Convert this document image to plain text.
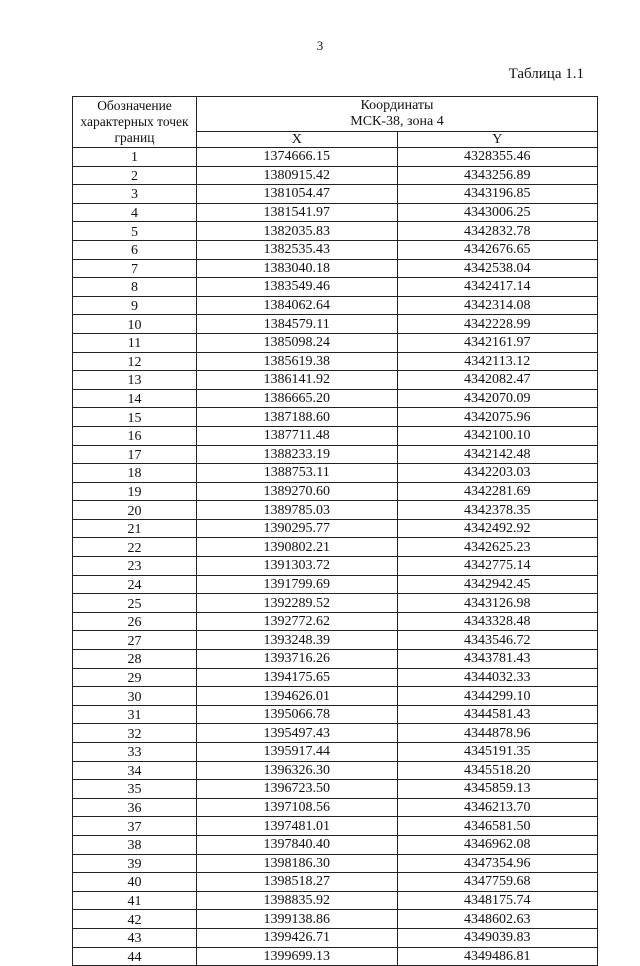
3
Таблица 1.1
Обозначение характерных точек границ	Координаты
МСК-38, зона 4	

	X	Y
1	1374666.15	4328355.46
2	1380915.42	4343256.89
3	1381054.47	4343196.85
4	1381541.97	4343006.25
5	1382035.83	4342832.78
6	1382535.43	4342676.65
7	1383040.18	4342538.04
8	1383549.46	4342417.14
9	1384062.64	4342314.08
10	1384579.11	4342228.99
11	1385098.24	4342161.97
12	1385619.38	4342113.12
13	1386141.92	4342082.47
14	1386665.20	4342070.09
15	1387188.60	4342075.96
16	1387711.48	4342100.10
17	1388233.19	4342142.48
18	1388753.11	4342203.03
19	1389270.60	4342281.69
20	1389785.03	4342378.35
21	1390295.77	4342492.92
22	1390802.21	4342625.23
23	1391303.72	4342775.14
24	1391799.69	4342942.45
25	1392289.52	4343126.98
26	1392772.62	4343328.48
27	1393248.39	4343546.72
28	1393716.26	4343781.43
29	1394175.65	4344032.33
30	1394626.01	4344299.10
31	1395066.78	4344581.43
32	1395497.43	4344878.96
33	1395917.44	4345191.35
34	1396326.30	4345518.20
35	1396723.50	4345859.13
36	1397108.56	4346213.70
37	1397481.01	4346581.50
38	1397840.40	4346962.08
39	1398186.30	4347354.96
40	1398518.27	4347759.68
41	1398835.92	4348175.74
42	1399138.86	4348602.63
43	1399426.71	4349039.83
44	1399699.13	4349486.81
